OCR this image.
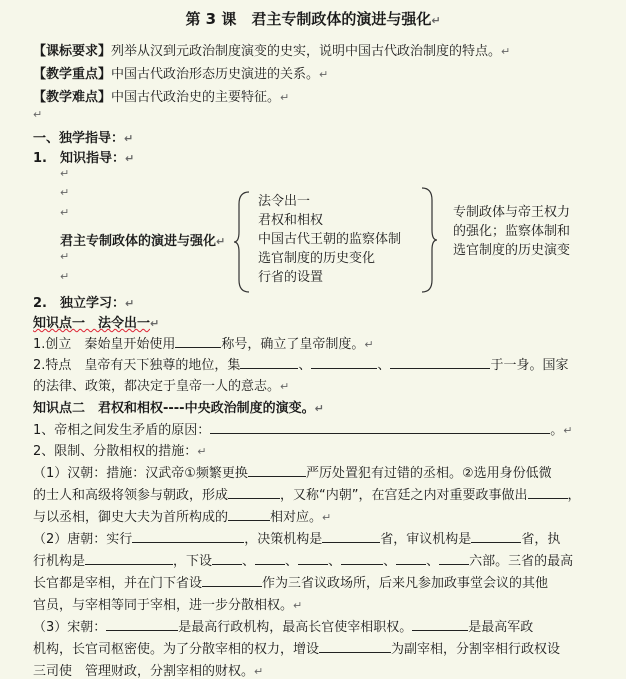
第 3 课　君主专制政体的演进与强化↵
【课标要求】列举从汉到元政治制度演变的史实，说明中国古代政治制度的特点。↵
【教学重点】中国古代政治形态历史演进的关系。↵
【教学难点】中国古代政治史的主要特征。↵
↵
一、独学指导：↵
1.　知识指导：↵
↵
↵
↵
↵
↵
君主专制政体的演进与强化↵
法令出一
君权和相权
中国古代王朝的监察体制
选官制度的历史变化
行省的设置
专制政体与帝王权力
的强化；监察体制和
选官制度的历史演变
2.　独立学习：↵
知识点一　法令出一↵
1.创立　秦始皇开始使用	称号，确立了皇帝制度。↵
2.特点　皇帝有天下独尊的地位，集	、	、	于一身。国家
的法律、政策，都决定于皇帝一人的意志。↵
知识点二　君权和相权----中央政治制度的演变。↵
1、帝相之间发生矛盾的原因：	。↵
2、限制、分散相权的措施：↵
（1）汉朝：措施：汉武帝①频繁更换	严厉处置犯有过错的丞相。②选用身份低微
的士人和高级将领参与朝政，形成	，又称“内朝”，在宫廷之内对重要政事做出	，
与以丞相，御史大夫为首所构成的	相对应。↵
（2）唐朝：实行	，决策机构是	省，审议机构是	省，执
行机构是	，下设 、 、 、	、 、 六部。三省的最高
长官都是宰相，并在门下省设	作为三省议政场所，后来凡参加政事堂会议的其他
官员，与宰相等同于宰相，进一步分散相权。↵
（3）宋朝：	是最高行政机构，最高长官使宰相职权。	是最高军政
机构，长官司枢密使。为了分散宰相的权力，增设	为副宰相，分割宰相行政权设
三司使　管理财政，分割宰相的财权。↵
